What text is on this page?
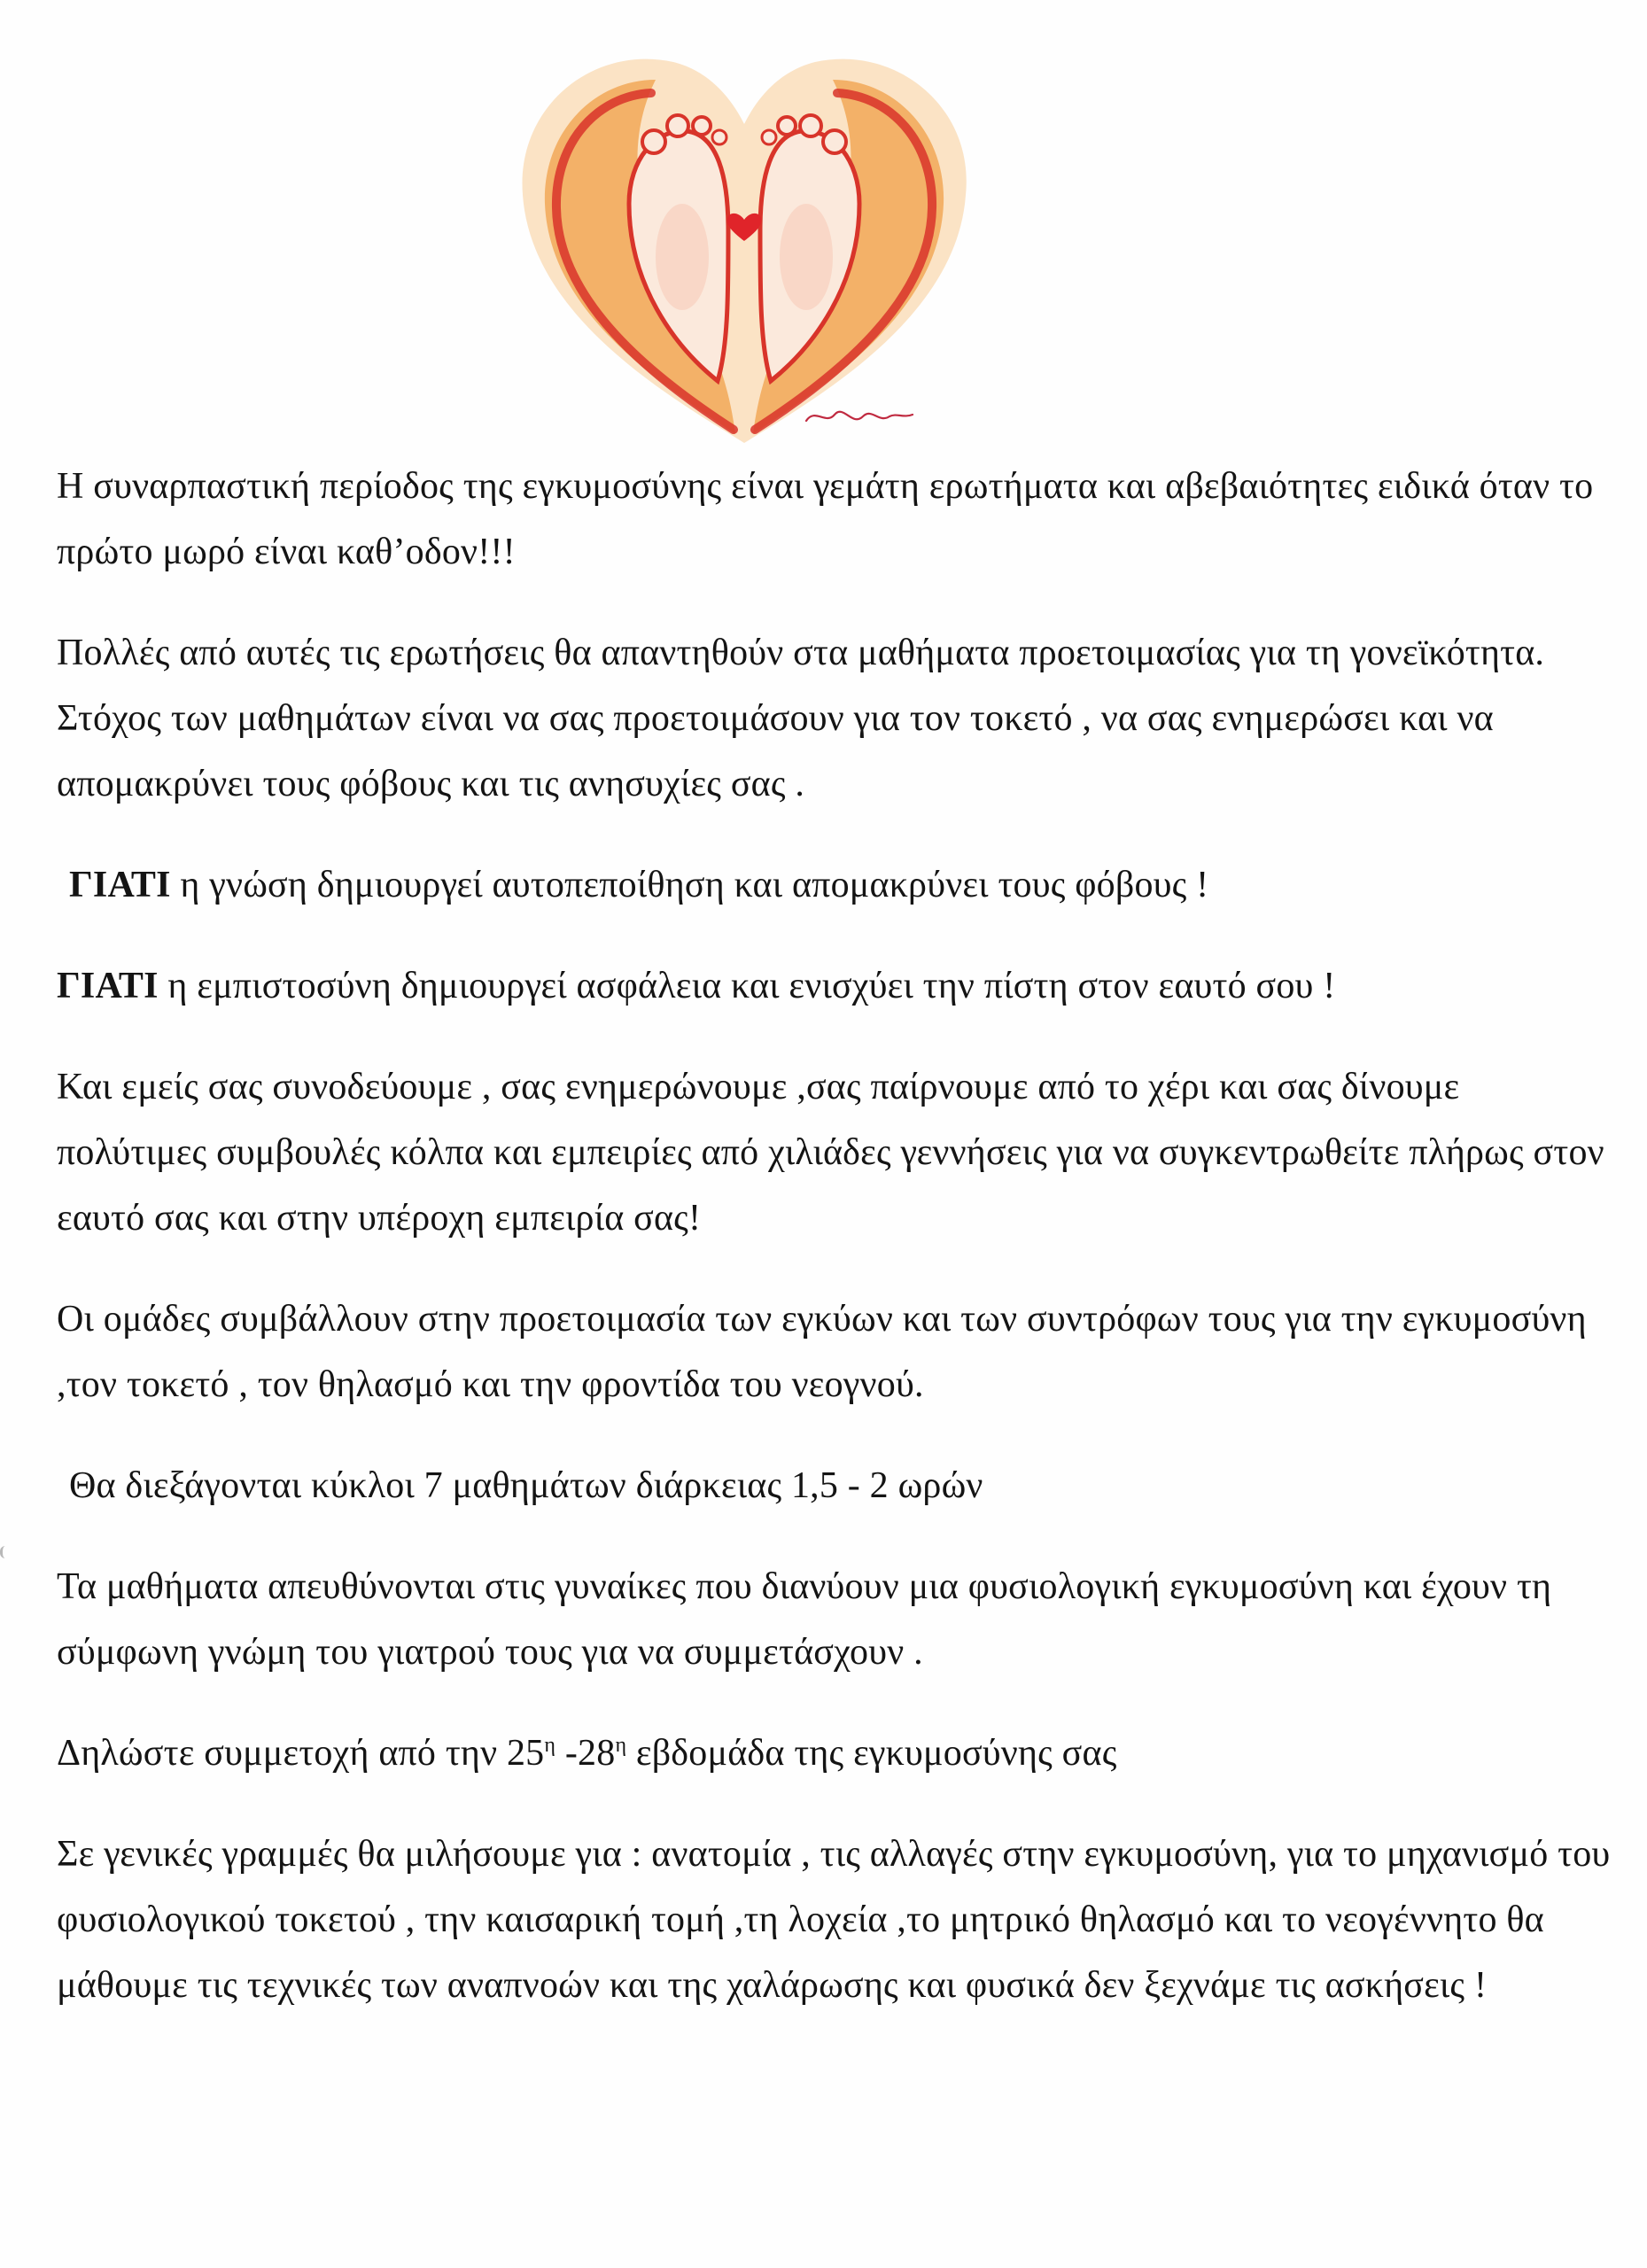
Η συναρπαστική περίοδος της εγκυμοσύνης είναι γεμάτη ερωτήματα και αβεβαιότητες ειδικά όταν το πρώτο μωρό είναι καθ’οδον!!!

Πολλές από αυτές τις ερωτήσεις θα απαντηθούν στα μαθήματα προετοιμασίας για τη γονεϊκότητα. Στόχος των μαθημάτων είναι να σας προετοιμάσουν για τον τοκετό , να σας ενημερώσει και να απομακρύνει τους φόβους και τις ανησυχίες σας .

ΓΙΑΤΙ η γνώση δημιουργεί αυτοπεποίθηση και απομακρύνει τους φόβους !

ΓΙΑΤΙ η εμπιστοσύνη δημιουργεί ασφάλεια και ενισχύει την πίστη στον εαυτό σου !

Και εμείς σας συνοδεύουμε , σας ενημερώνουμε ,σας παίρνουμε από το χέρι και σας δίνουμε πολύτιμες συμβουλές κόλπα και εμπειρίες από χιλιάδες γεννήσεις για να συγκεντρωθείτε πλήρως στον εαυτό σας και στην υπέροχη εμπειρία σας!

Οι ομάδες συμβάλλουν στην προετοιμασία των εγκύων και των συντρόφων τους για την εγκυμοσύνη ,τον τοκετό , τον θηλασμό και την φροντίδα του νεογνού.

Θα διεξάγονται κύκλοι 7 μαθημάτων διάρκειας 1,5 - 2 ωρών

Τα μαθήματα απευθύνονται στις γυναίκες που διανύουν μια φυσιολογική εγκυμοσύνη και έχουν τη σύμφωνη γνώμη του γιατρού τους για να συμμετάσχουν .

Δηλώστε συμμετοχή από την $25^\eta$ $-28^\eta$ εβδομάδα της εγκυμοσύνης σας

Σε γενικές γραμμές θα μιλήσουμε για : ανατομία , τις αλλαγές στην εγκυμοσύνη, για το μηχανισμό του φυσιολογικού τοκετού , την καισαρική τομή ,τη λοχεία ,το μητρικό θηλασμό και το νεογέννητο θα μάθουμε τις τεχνικές των αναπνοών και της χαλάρωσης και φυσικά δεν ξεχνάμε τις ασκήσεις !
